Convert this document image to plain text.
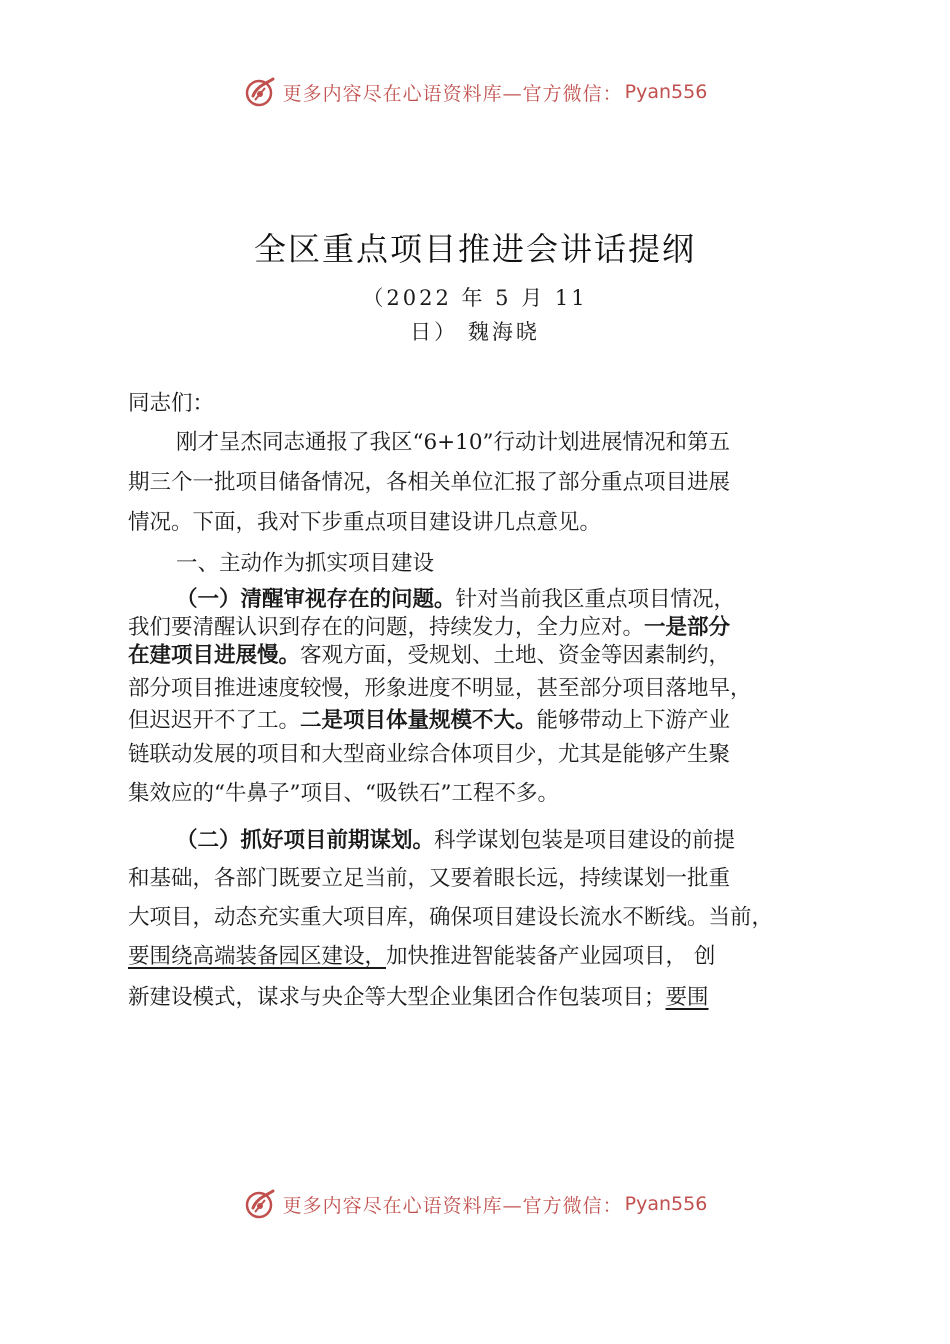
更多内容尽在心语资料库—官方微信： Pyan556
全区重点项目推进会讲话提纲
（2022 年 5 月 11
日） 魏海晓
同志们：
刚才呈杰同志通报了我区“6+10”行动计划进展情况和第五
期三个一批项目储备情况，各相关单位汇报了部分重点项目进展
情况。下面，我对下步重点项目建设讲几点意见。
一、主动作为抓实项目建设
（一）清醒审视存在的问题。针对当前我区重点项目情况，
我们要清醒认识到存在的问题，持续发力，全力应对。一是部分
在建项目进展慢。客观方面，受规划、土地、资金等因素制约，
部分项目推进速度较慢，形象进度不明显，甚至部分项目落地早，
但迟迟开不了工。二是项目体量规模不大。能够带动上下游产业
链联动发展的项目和大型商业综合体项目少，尤其是能够产生聚
集效应的“牛鼻子”项目、“吸铁石”工程不多。
（二）抓好项目前期谋划。科学谋划包装是项目建设的前提
和基础，各部门既要立足当前，又要着眼长远，持续谋划一批重
大项目，动态充实重大项目库，确保项目建设长流水不断线。当前，
要围绕高端装备园区建设，加快推进智能装备产业园项目， 创
新建设模式，谋求与央企等大型企业集团合作包装项目；要围
更多内容尽在心语资料库—官方微信： Pyan556
